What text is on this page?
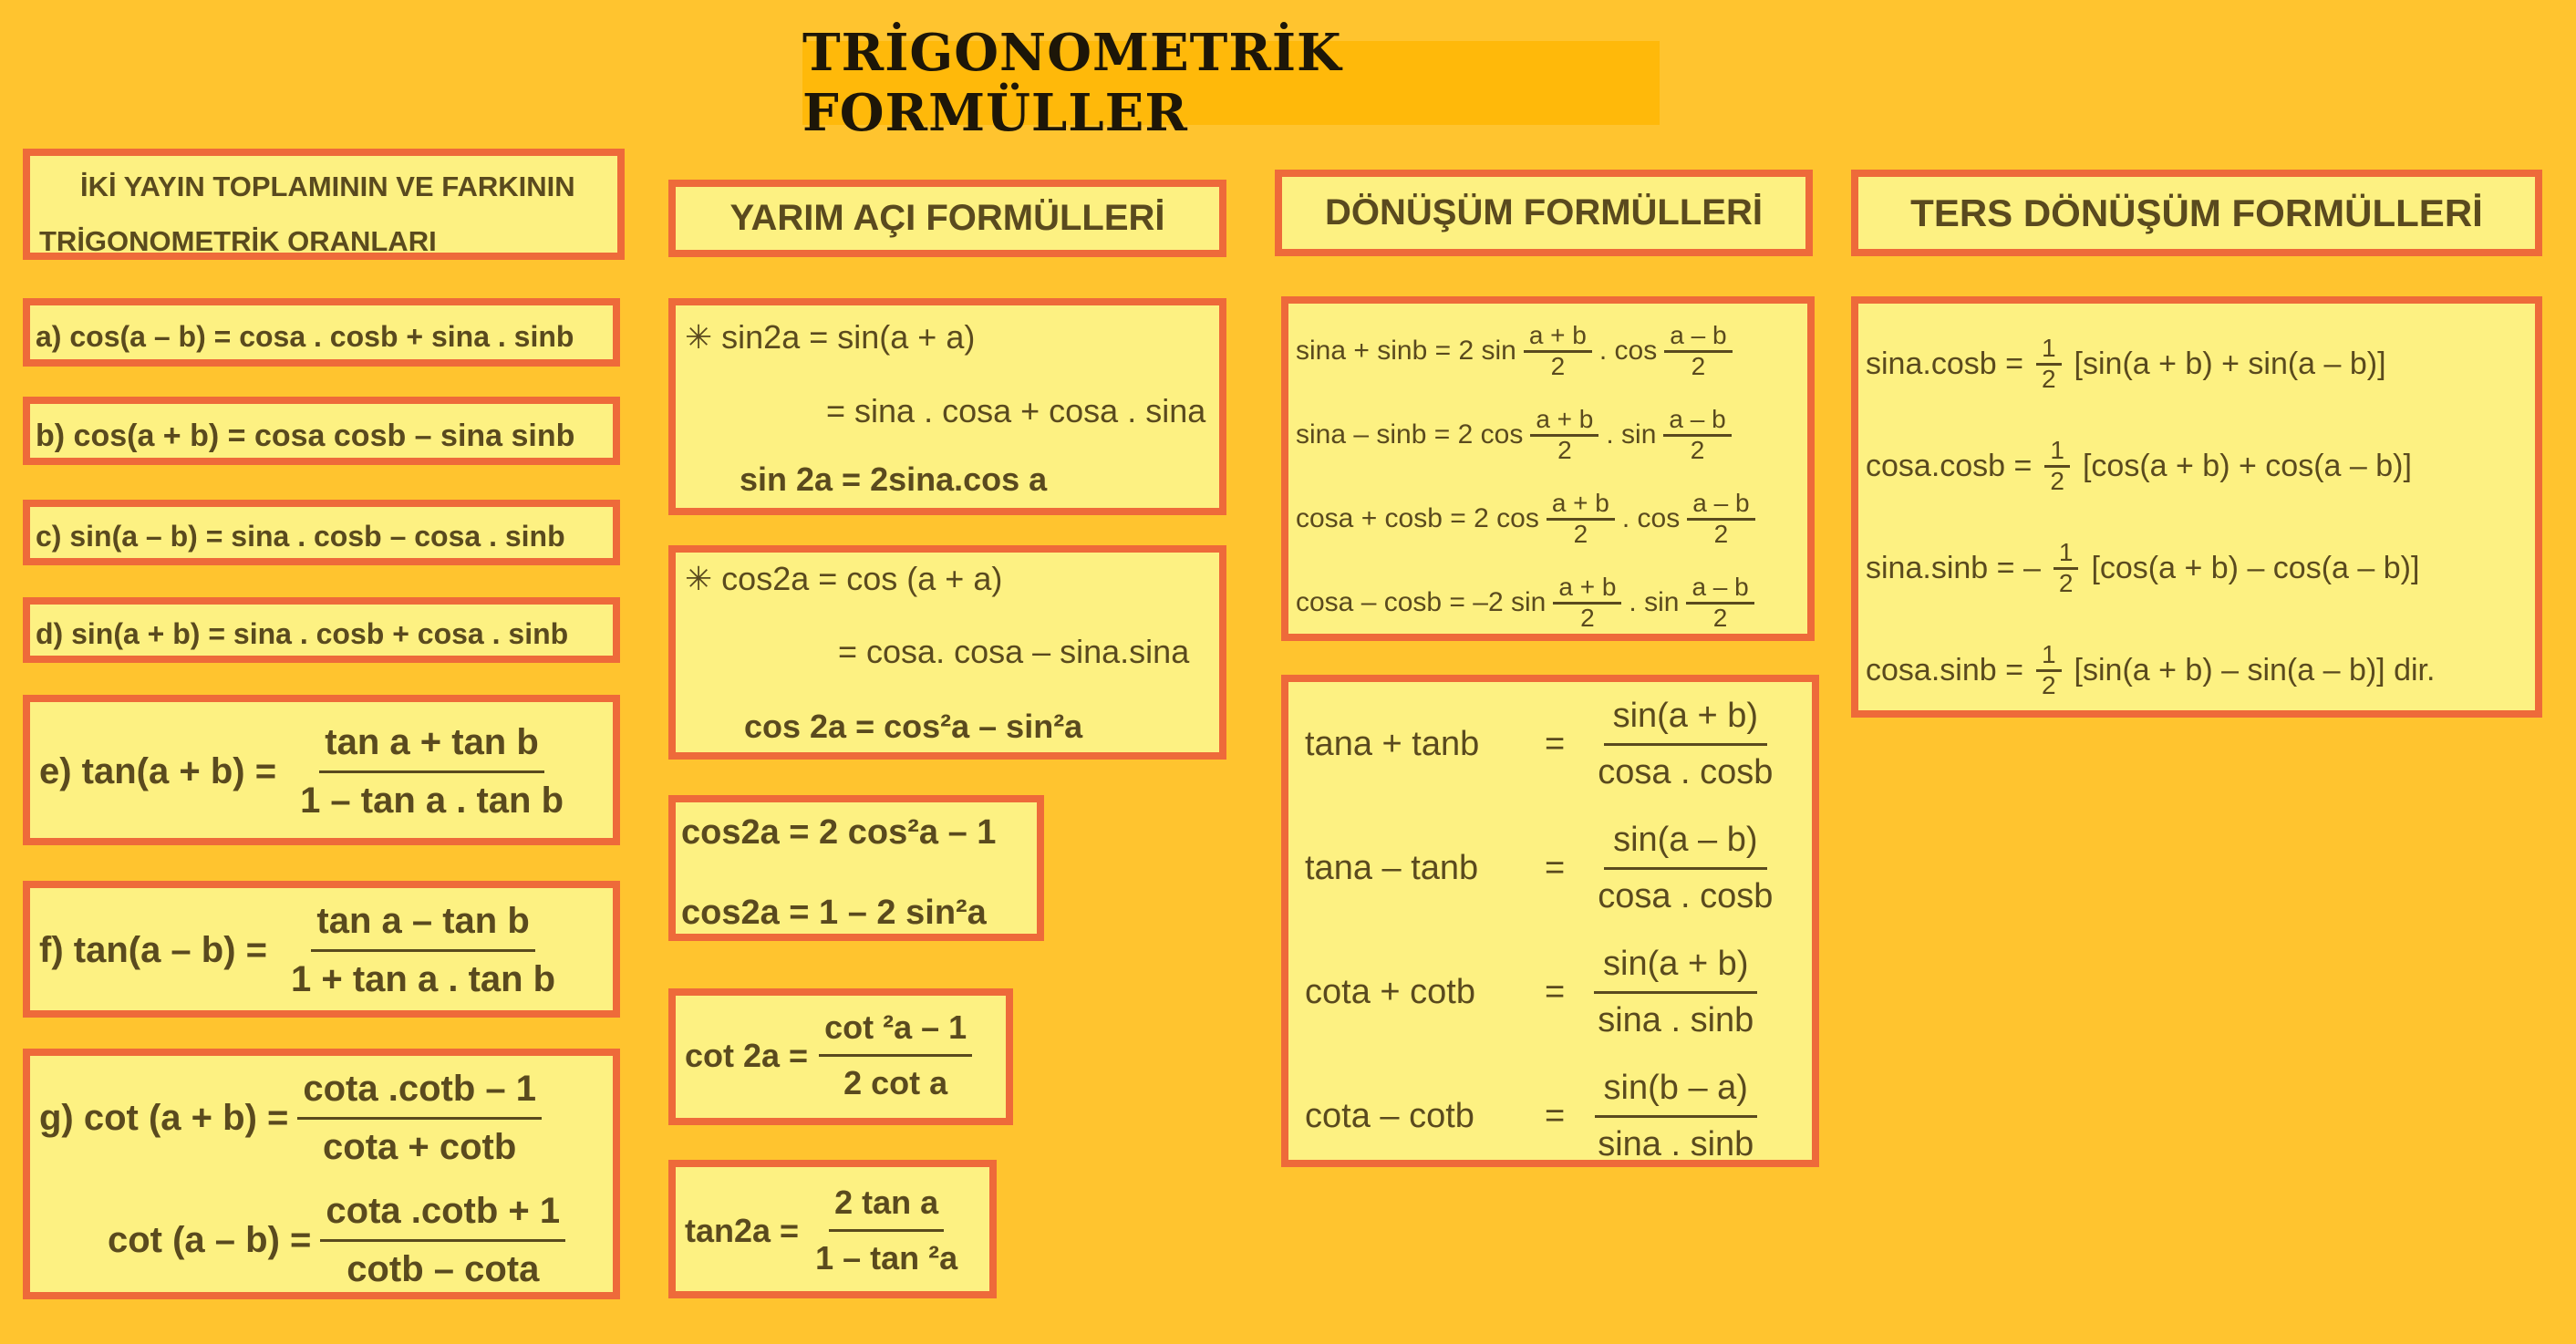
TRİGONOMETRİK FORMÜLLER
İKİ YAYIN TOPLAMININ VE FARKININ
TRİGONOMETRİK ORANLARI
a) cos(a – b) = cosa . cosb + sina . sinb
b) cos(a + b) = cosa cosb – sina sinb
c) sin(a – b) = sina . cosb – cosa . sinb
d) sin(a + b) = sina . cosb + cosa . sinb
e) $\tan(a + b) = \frac{\text{tan a + tan b}}{\text{1 – tan a . tan b}}$
f) $\tan(a - b) = \frac{\text{tan a – tan b}}{\text{1 + tan a . tan b}}$
g) $\cot (a + b) = \frac{\cot a .\cot b - 1}{\cot a + \cot b}$
$\cot (a - b) = \frac{\cot a .\cot b + 1}{\cot b - \cot a}$
YARIM AÇI FORMÜLLERİ
✳ sin2a = sin(a + a)
= sina . cosa + cosa . sina
sin 2a = 2sina.cos a
✳ cos2a = cos (a + a)
= cosa. cosa – sina.sina
cos 2a = cos²a – sin²a
cos2a = 2 cos²a – 1
cos2a = 1 – 2 sin²a
$\cot 2a = \frac{\text{cot ²a – 1}}{\text{2 cot a}}$
$\tan 2a = \frac{\text{2 tan a}}{\text{1 – tan ²a}}$
DÖNÜŞÜM FORMÜLLERİ
sina + sinb = 2 $\sin \frac{a + b}{2}$ . $\cos \frac{a - b}{2}$
sina – sinb = 2 $\cos \frac{a + b}{2}$ . $\sin \frac{a - b}{2}$
cosa + cosb = 2 $\cos \frac{a + b}{2}$ . $\cos \frac{a - b}{2}$
cosa – cosb = –2 $\sin \frac{a + b}{2}$ . $\sin \frac{a - b}{2}$
tana + tanb	= $\frac{\sin(a + b)}{\cos a . \cos b}$
tana – tanb	= $\frac{\sin(a - b)}{\cos a . \cos b}$
cota + cotb	= $\frac{\sin(a + b)}{\sin a . \sin b}$
cota – cotb	= $\frac{\sin(b - a)}{\sin a . \sin b}$
TERS DÖNÜŞÜM FORMÜLLERİ
$\sin a.\cos b = \frac{1}{2} [\sin(a + b) + \sin(a - b)]$
$\cos a.\cos b = \frac{1}{2} [\cos(a + b) + \cos(a - b)]$
sina.sinb = – $\frac{1}{2} [\cos(a + b) - \cos(a - b)]$
$\cos a.\sin b = \frac{1}{2} [\sin(a + b) - \sin(a - b)]$ dir.
